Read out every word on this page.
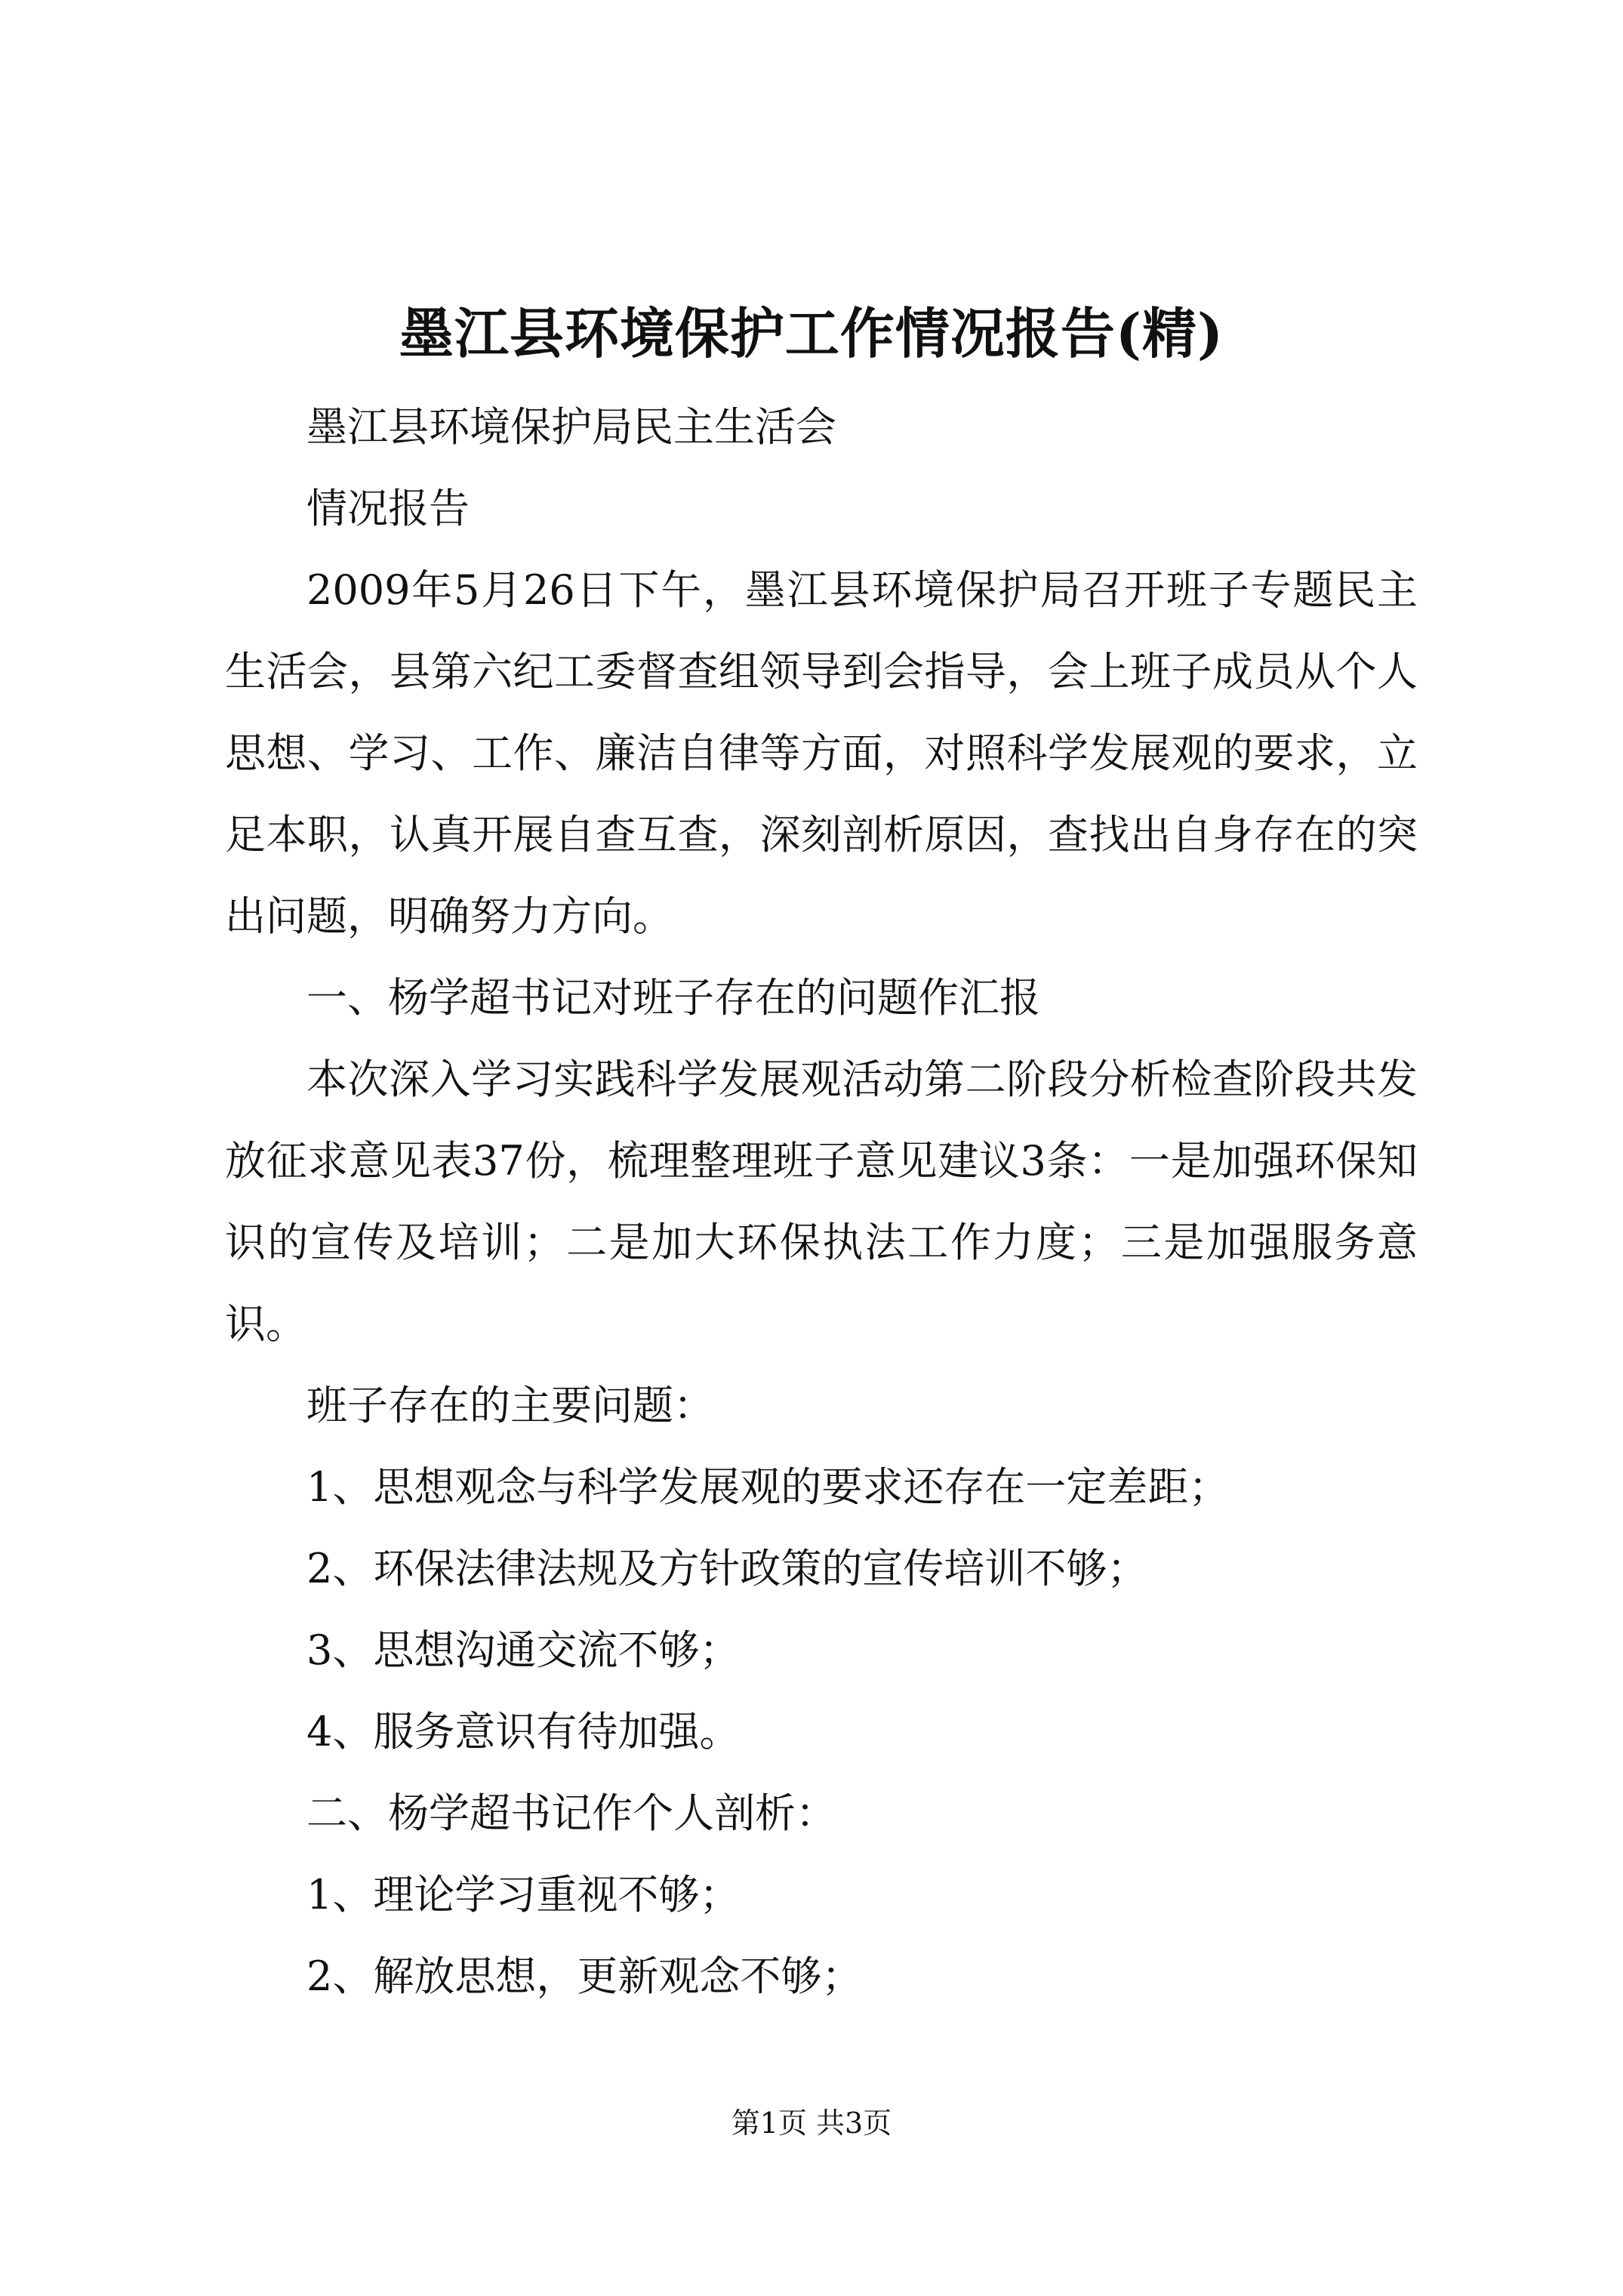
墨江县环境保护工作情况报告(精)

墨江县环境保护局民主生活会

情况报告

2009年5月26日下午，墨江县环境保护局召开班子专题民主生活会，县第六纪工委督查组领导到会指导，会上班子成员从个人思想、学习、工作、廉洁自律等方面，对照科学发展观的要求，立足本职，认真开展自查互查，深刻剖析原因，查找出自身存在的突出问题，明确努力方向。

一、杨学超书记对班子存在的问题作汇报

本次深入学习实践科学发展观活动第二阶段分析检查阶段共发放征求意见表37份，梳理整理班子意见建议3条：一是加强环保知识的宣传及培训；二是加大环保执法工作力度；三是加强服务意识。

班子存在的主要问题：

1、思想观念与科学发展观的要求还存在一定差距；

2、环保法律法规及方针政策的宣传培训不够；

3、思想沟通交流不够；

4、服务意识有待加强。

二、杨学超书记作个人剖析：

1、理论学习重视不够；

2、解放思想，更新观念不够；

第1页 共3页
